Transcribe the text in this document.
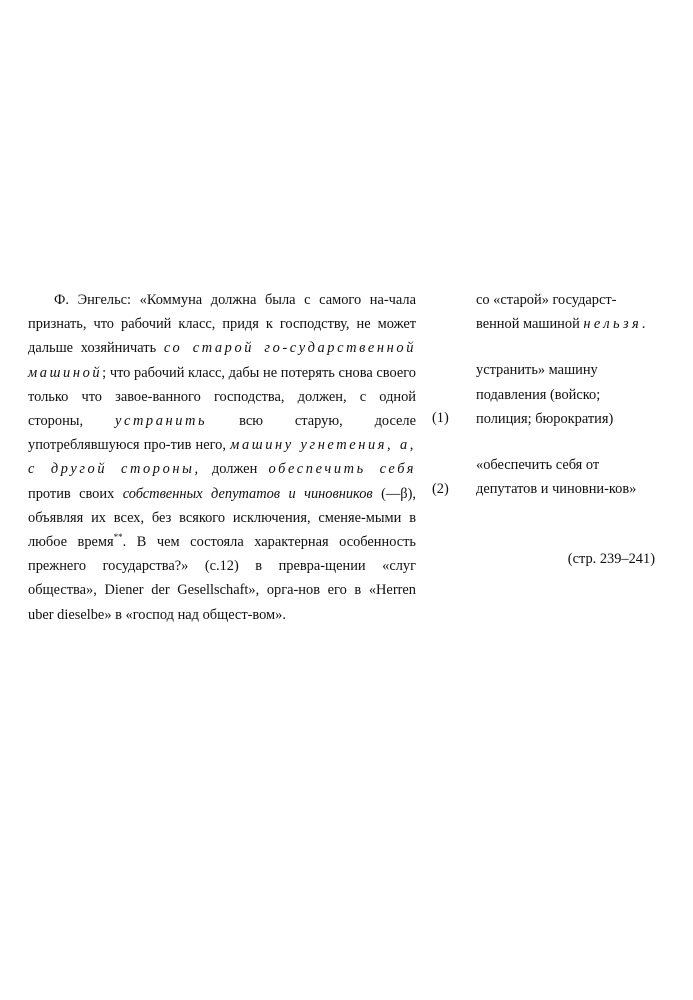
Ф. Энгельс: «Коммуна должна была с самого на-чала признать, что рабочий класс, придя к господству, не может дальше хозяйничать со старой го-сударственной машиной; что рабочий класс, дабы не потерять снова своего только что завое-ванного господства, должен, с одной стороны, устранить всю старую, доселе употреблявшуюся про-тив него, машину угнетения, а, с другой стороны, должен обеспечить себя против своих собственных депутатов и чиновников (—β), объявляя их всех, без всякого исключения, сменяе-мыми в любое время**. В чем состояла характерная особенность прежнего государства?» (с.12) в превра-щении «слуг общества», Diener der Gesellschaft», орга-нов его в «Herren uber dieselbe» в «господ над общест-вом».

со «старой» государст-венной машиной нельзя.
(1)
устранить» машину подавления (войско; полиция; бюрократия)
(2)
«обеспечить себя от депутатов и чиновни-ков»
(стр. 239–241)
